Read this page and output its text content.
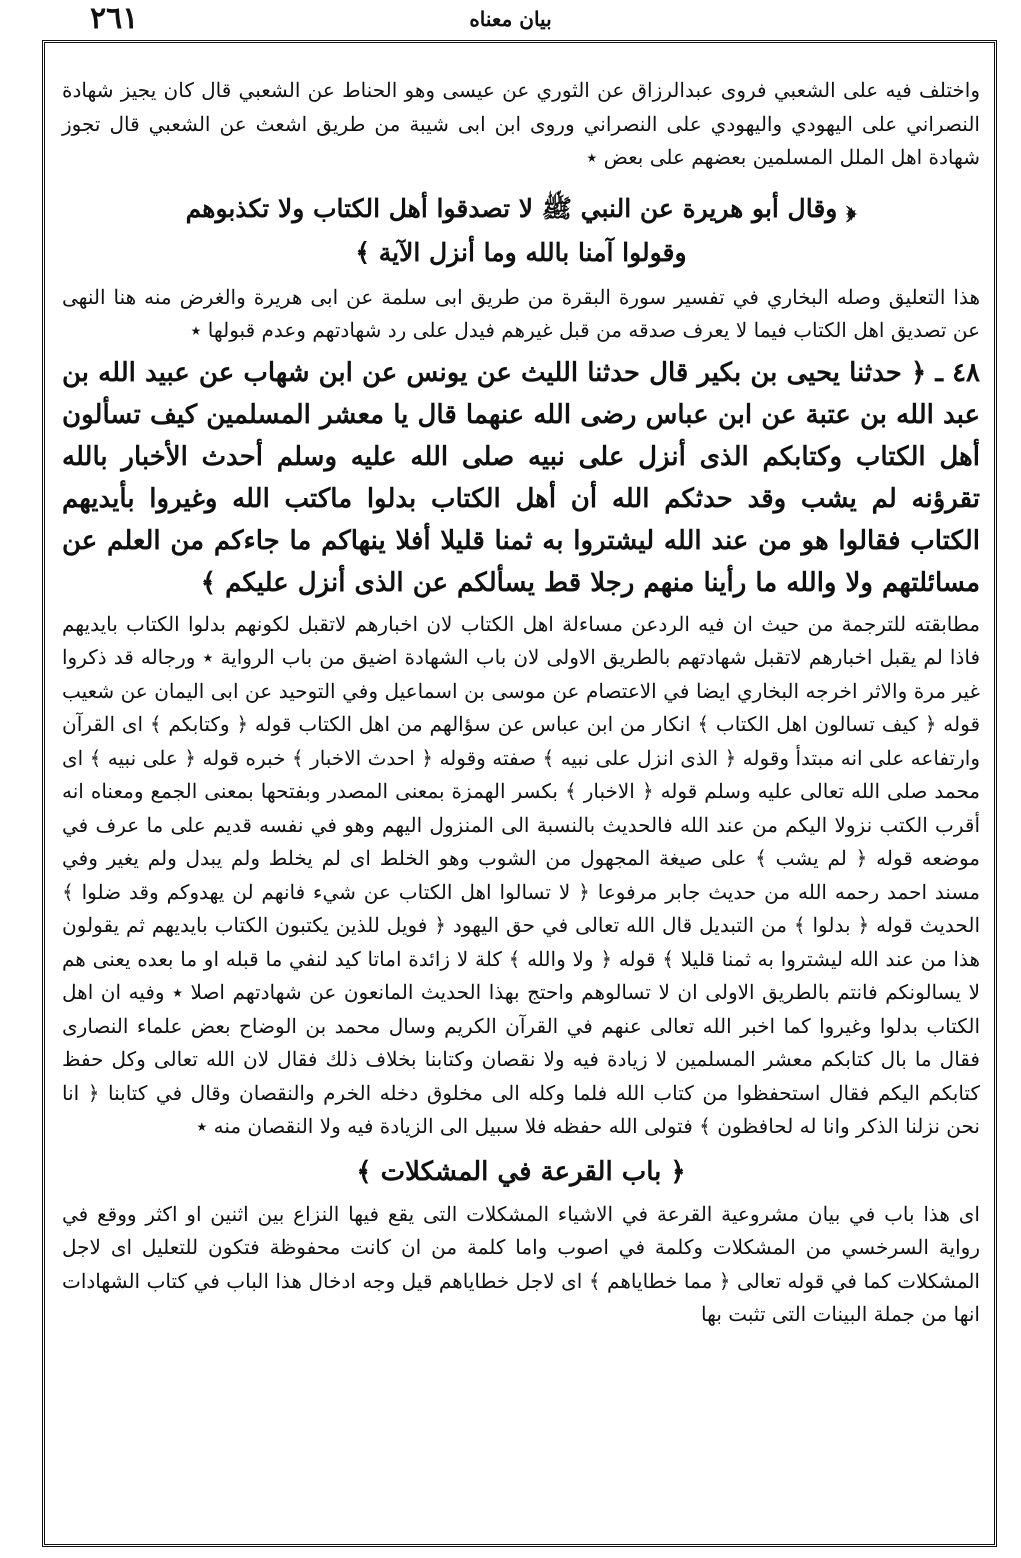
٢٦١	بيان معناه

واختلف فيه على الشعبي فروى عبدالرزاق عن الثوري عن عيسى وهو الحناط عن الشعبي قال كان يجيز شهادة النصراني على اليهودي واليهودي على النصراني وروى ابن ابى شيبة من طريق اشعث عن الشعبي قال تجوز شهادة اهل الملل المسلمين بعضهم على بعض ٭

﴿ وقال أبو هريرة عن النبي ﷺ لا تصدقوا أهل الكتاب ولا تكذبوهم

وقولوا آمنا بالله وما أنزل الآية ﴾

هذا التعليق وصله البخاري في تفسير سورة البقرة من طريق ابى سلمة عن ابى هريرة والغرض منه هنا النهى عن تصديق اهل الكتاب فيما لا يعرف صدقه من قبل غيرهم فيدل على رد شهادتهم وعدم قبولها ٭

٤٨ ـ ﴿ حدثنا يحيى بن بكير قال حدثنا الليث عن يونس عن ابن شهاب عن عبيد الله بن عبد الله بن عتبة عن ابن عباس رضى الله عنهما قال يا معشر المسلمين كيف تسألون أهل الكتاب وكتابكم الذى أنزل على نبيه صلى الله عليه وسلم أحدث الأخبار بالله تقرؤنه لم يشب وقد حدثكم الله أن أهل الكتاب بدلوا ماكتب الله وغيروا بأيديهم الكتاب فقالوا هو من عند الله ليشتروا به ثمنا قليلا أفلا ينهاكم ما جاءكم من العلم عن مسائلتهم ولا والله ما رأينا منهم رجلا قط يسألكم عن الذى أنزل عليكم ﴾

مطابقته للترجمة من حيث ان فيه الردعن مساءلة اهل الكتاب لان اخبارهم لاتقبل لكونهم بدلوا الكتاب بايديهم فاذا لم يقبل اخبارهم لاتقبل شهادتهم بالطريق الاولى لان باب الشهادة اضيق من باب الرواية ٭ ورجاله قد ذكروا غير مرة والاثر اخرجه البخاري ايضا في الاعتصام عن موسى بن اسماعيل وفي التوحيد عن ابى اليمان عن شعيب قوله ﴿ كيف تسالون اهل الكتاب ﴾ انكار من ابن عباس عن سؤالهم من اهل الكتاب قوله ﴿ وكتابكم ﴾ اى القرآن وارتفاعه على انه مبتدأ وقوله ﴿ الذى انزل على نبيه ﴾ صفته وقوله ﴿ احدث الاخبار ﴾ خبره قوله ﴿ على نبيه ﴾ اى محمد صلى الله تعالى عليه وسلم قوله ﴿ الاخبار ﴾ بكسر الهمزة بمعنى المصدر وبفتحها بمعنى الجمع ومعناه انه أقرب الكتب نزولا اليكم من عند الله فالحديث بالنسبة الى المنزول اليهم وهو في نفسه قديم على ما عرف في موضعه قوله ﴿ لم يشب ﴾ على صيغة المجهول من الشوب وهو الخلط اى لم يخلط ولم يبدل ولم يغير وفي مسند احمد رحمه الله من حديث جابر مرفوعا ﴿ لا تسالوا اهل الكتاب عن شيء فانهم لن يهدوكم وقد ضلوا ﴾ الحديث قوله ﴿ بدلوا ﴾ من التبديل قال الله تعالى في حق اليهود ﴿ فويل للذين يكتبون الكتاب بايديهم ثم يقولون هذا من عند الله ليشتروا به ثمنا قليلا ﴾ قوله ﴿ ولا والله ﴾ كلة لا زائدة اماتا كيد لنفي ما قبله او ما بعده يعنى هم لا يسالونكم فانتم بالطريق الاولى ان لا تسالوهم واحتج بهذا الحديث المانعون عن شهادتهم اصلا ٭ وفيه ان اهل الكتاب بدلوا وغيروا كما اخبر الله تعالى عنهم في القرآن الكريم وسال محمد بن الوضاح بعض علماء النصارى فقال ما بال كتابكم معشر المسلمين لا زيادة فيه ولا نقصان وكتابنا بخلاف ذلك فقال لان الله تعالى وكل حفظ كتابكم اليكم فقال استحفظوا من كتاب الله فلما وكله الى مخلوق دخله الخرم والنقصان وقال في كتابنا ﴿ انا نحن نزلنا الذكر وانا له لحافظون ﴾ فتولى الله حفظه فلا سبيل الى الزيادة فيه ولا النقصان منه ٭

﴿ باب القرعة في المشكلات ﴾

اى هذا باب في بيان مشروعية القرعة في الاشياء المشكلات التى يقع فيها النزاع بين اثنين او اكثر ووقع في رواية السرخسي من المشكلات وكلمة في اصوب واما كلمة من ان كانت محفوظة فتكون للتعليل اى لاجل المشكلات كما في قوله تعالى ﴿ مما خطاياهم ﴾ اى لاجل خطاياهم قيل وجه ادخال هذا الباب في كتاب الشهادات انها من جملة البينات التى تثبت بها
